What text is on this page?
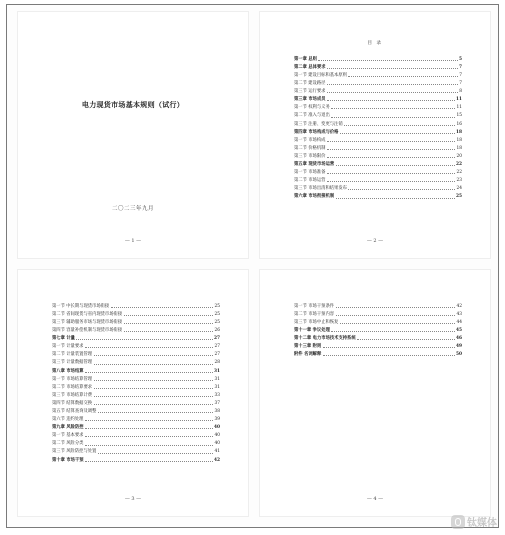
电力现货市场基本规则（试行）
二〇二三年九月
— 1 —
目 录
第一章 总则	5
第二章 总体要求	7
第一节 建设目标和基本原则	7
第二节 建设路径	7
第三节 运行要求	8
第三章 市场成员	11
第一节 权利与义务	11
第二节 准入与退出	15
第三节 注册、变更与注销	16
第四章 市场构成与价格	18
第一节 市场构成	18
第二节 价格机制	18
第三节 市场限价	20
第五章 现货市场运营	22
第一节 市场准备	22
第二节 市场运营	23
第三节 市场出清和结果发布	24
第六章 市场衔接机制	25
— 2 —
第一节 中长期与现货市场衔接	25
第二节 省间现货与省内现货市场衔接	25
第三节 辅助服务市场与现货市场衔接	25
第四节 容量补偿机制与现货市场衔接	26
第七章 计量	27
第一节 计量要求	27
第二节 计量装置管理	27
第三节 计量数据管理	28
第八章 市场结算	31
第一节 市场结算管理	31
第二节 市场结算要求	31
第三节 市场结算计费	33
第四节 结算数据交换	37
第五节 结算查询及调整	38
第六节 违约处理	39
第九章 风险防控	40
第一节 基本要求	40
第二节 风险分类	40
第三节 风险防控与处置	41
第十章 市场干预	42
— 3 —
第一节 市场干预条件	42
第二节 市场干预内容	43
第三节 市场中止和恢复	44
第十一章 争议处理	45
第十二章 电力市场技术支持系统	46
第十三章 附则	49
附件 名词解释	50
— 4 —
钛媒体
